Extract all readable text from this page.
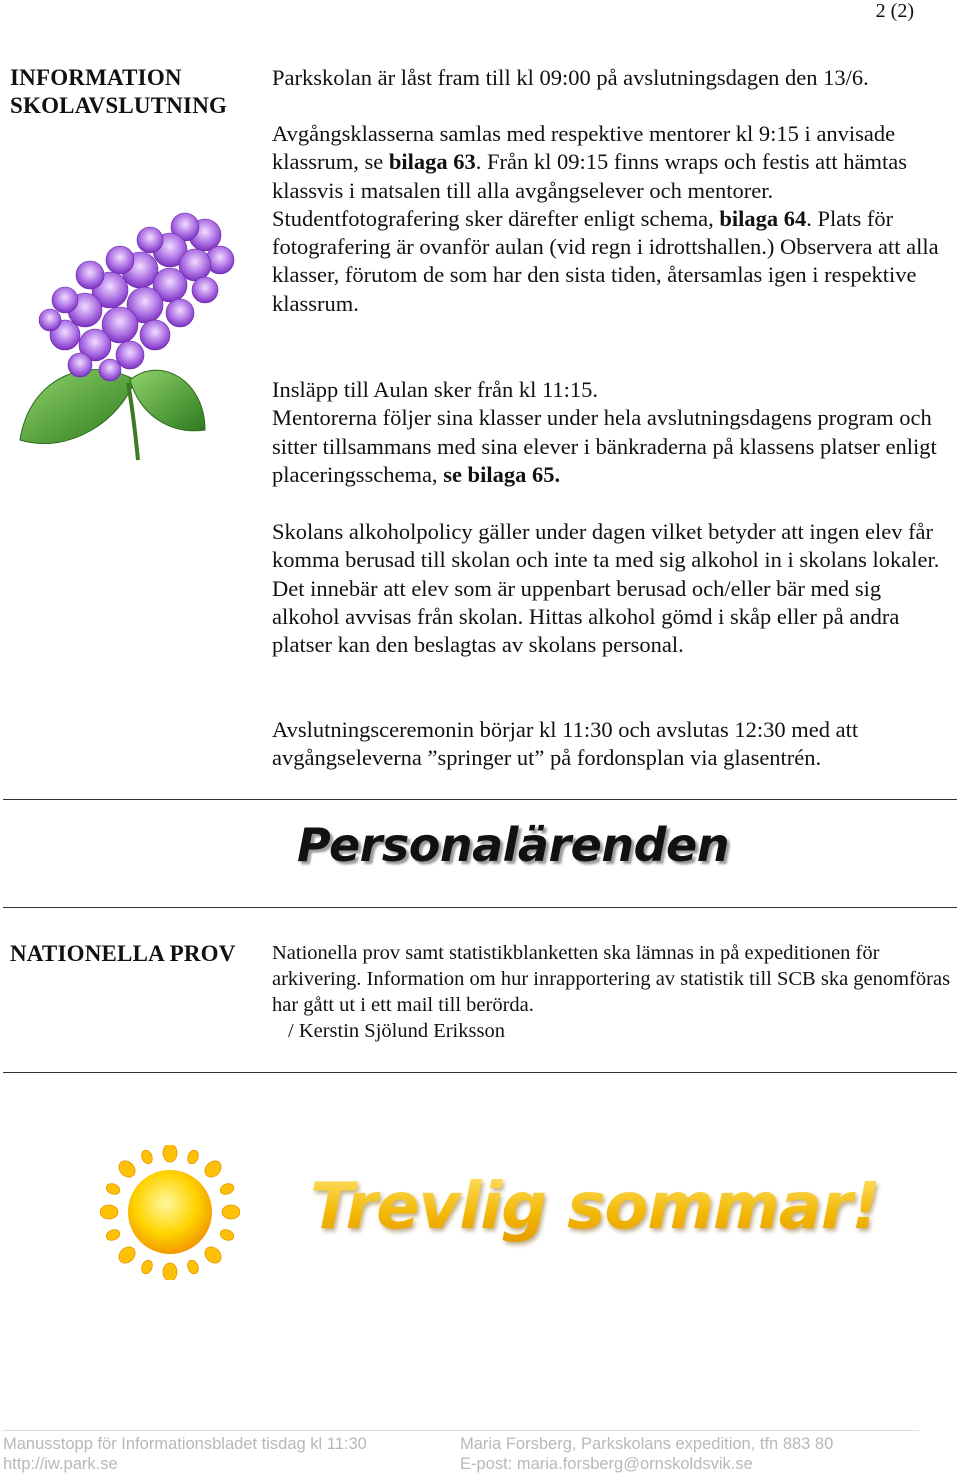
2 (2)
INFORMATION
SKOLAVSLUTNING
Parkskolan är låst fram till kl 09:00 på avslutningsdagen den 13/6.
Avgångsklasserna samlas med respektive mentorer kl 9:15 i anvisade klassrum, se bilaga 63. Från kl 09:15 finns wraps och festis att hämtas klassvis i matsalen till alla avgångselever och mentorer.
Studentfotografering sker därefter enligt schema, bilaga 64. Plats för fotografering är ovanför aulan (vid regn i idrottshallen.) Observera att alla klasser, förutom de som har den sista tiden, återsamlas igen i respektive klassrum.
Insläpp till Aulan sker från kl 11:15.
Mentorerna följer sina klasser under hela avslutningsdagens program och sitter tillsammans med sina elever i bänkraderna på klassens platser enligt placeringsschema, se bilaga 65.
Skolans alkoholpolicy gäller under dagen vilket betyder att ingen elev får komma berusad till skolan och inte ta med sig alkohol in i skolans lokaler. Det innebär att elev som är uppenbart berusad och/eller bär med sig alkohol avvisas från skolan. Hittas alkohol gömd i skåp eller på andra platser kan den beslagtas av skolans personal.
Avslutningsceremonin börjar kl 11:30 och avslutas 12:30 med att avgångseleverna ”springer ut” på fordonsplan via glasentrén.
Personalärenden
NATIONELLA PROV Nationella prov samt statistikblanketten ska lämnas in på expeditionen för arkivering. Information om hur inrapportering av statistik till SCB ska genomföras har gått ut i ett mail till berörda.
/ Kerstin Sjölund Eriksson
Trevlig sommar!
Manusstopp för Informationsbladet tisdag kl 11:30
http://iw.park.se
Maria Forsberg, Parkskolans expedition, tfn 883 80
E-post: maria.forsberg@ornskoldsvik.se
